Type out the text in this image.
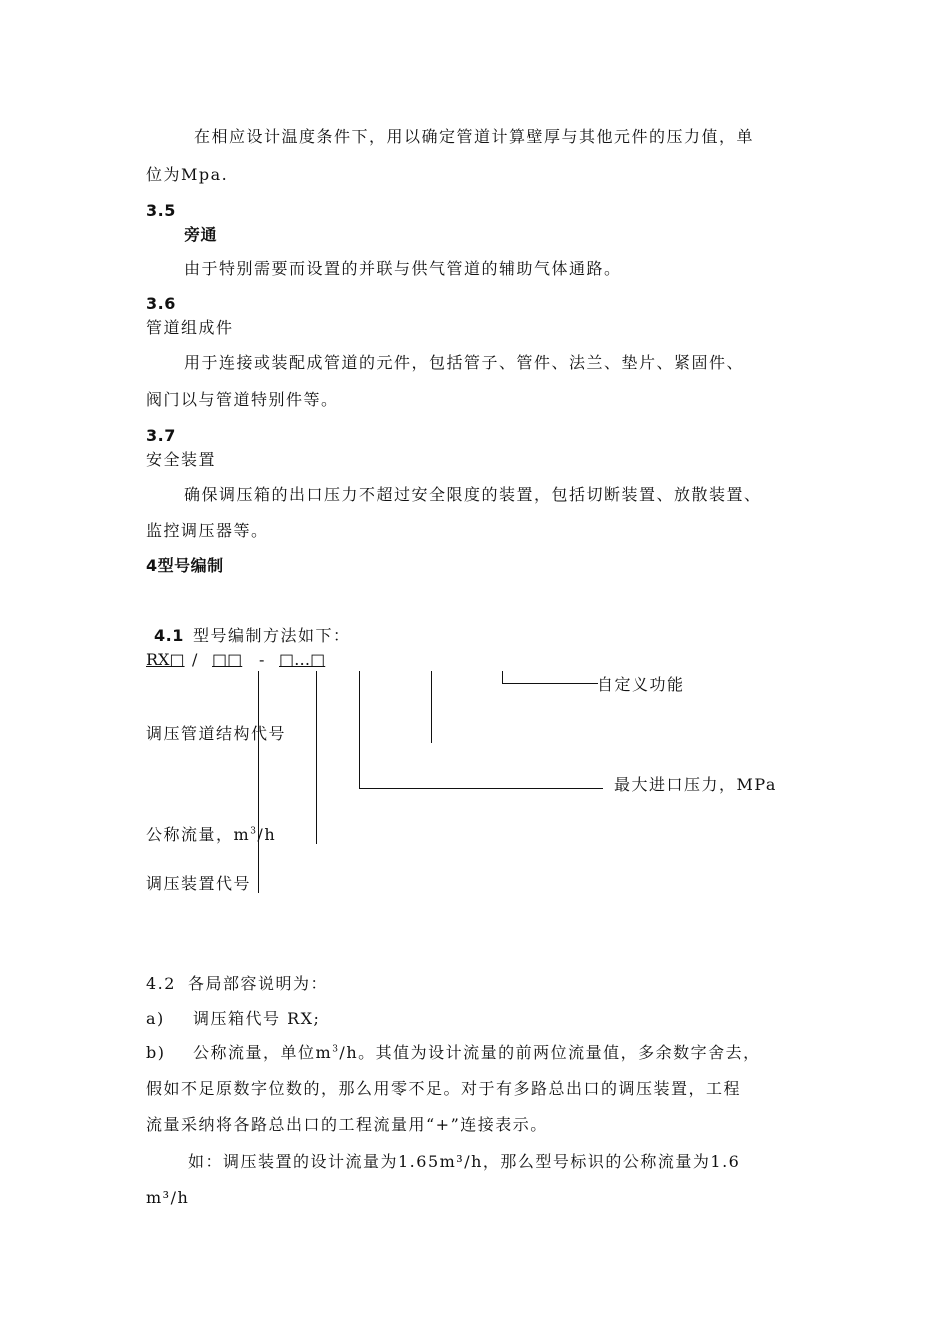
在相应设计温度条件下，用以确定管道计算壁厚与其他元件的压力值，单
位为Mpa.
3.5
旁通
由于特别需要而设置的并联与供气管道的辅助气体通路。
3.6
管道组成件
用于连接或装配成管道的元件，包括管子、管件、法兰、垫片、紧固件、
阀门以与管道特别件等。
3.7
安全装置
确保调压箱的出口压力不超过安全限度的装置，包括切断装置、放散装置、
监控调压器等。
4型号编制
4.1 型号编制方法如下：
RX□ / □□ - □…□
自定义功能
调压管道结构代号
最大进口压力，MPa
公称流量，$m^3/h$
调压装置代号
4.2 各局部容说明为：
a) 调压箱代号 RX;
b) 公称流量，单位$m^3/h$。其值为设计流量的前两位流量值，多余数字舍去，
假如不足原数字位数的，那么用零不足。对于有多路总出口的调压装置，工程
流量采纳将各路总出口的工程流量用“+”连接表示。
如：调压装置的设计流量为1.65m³/h，那么型号标识的公称流量为1.6
m³/h
